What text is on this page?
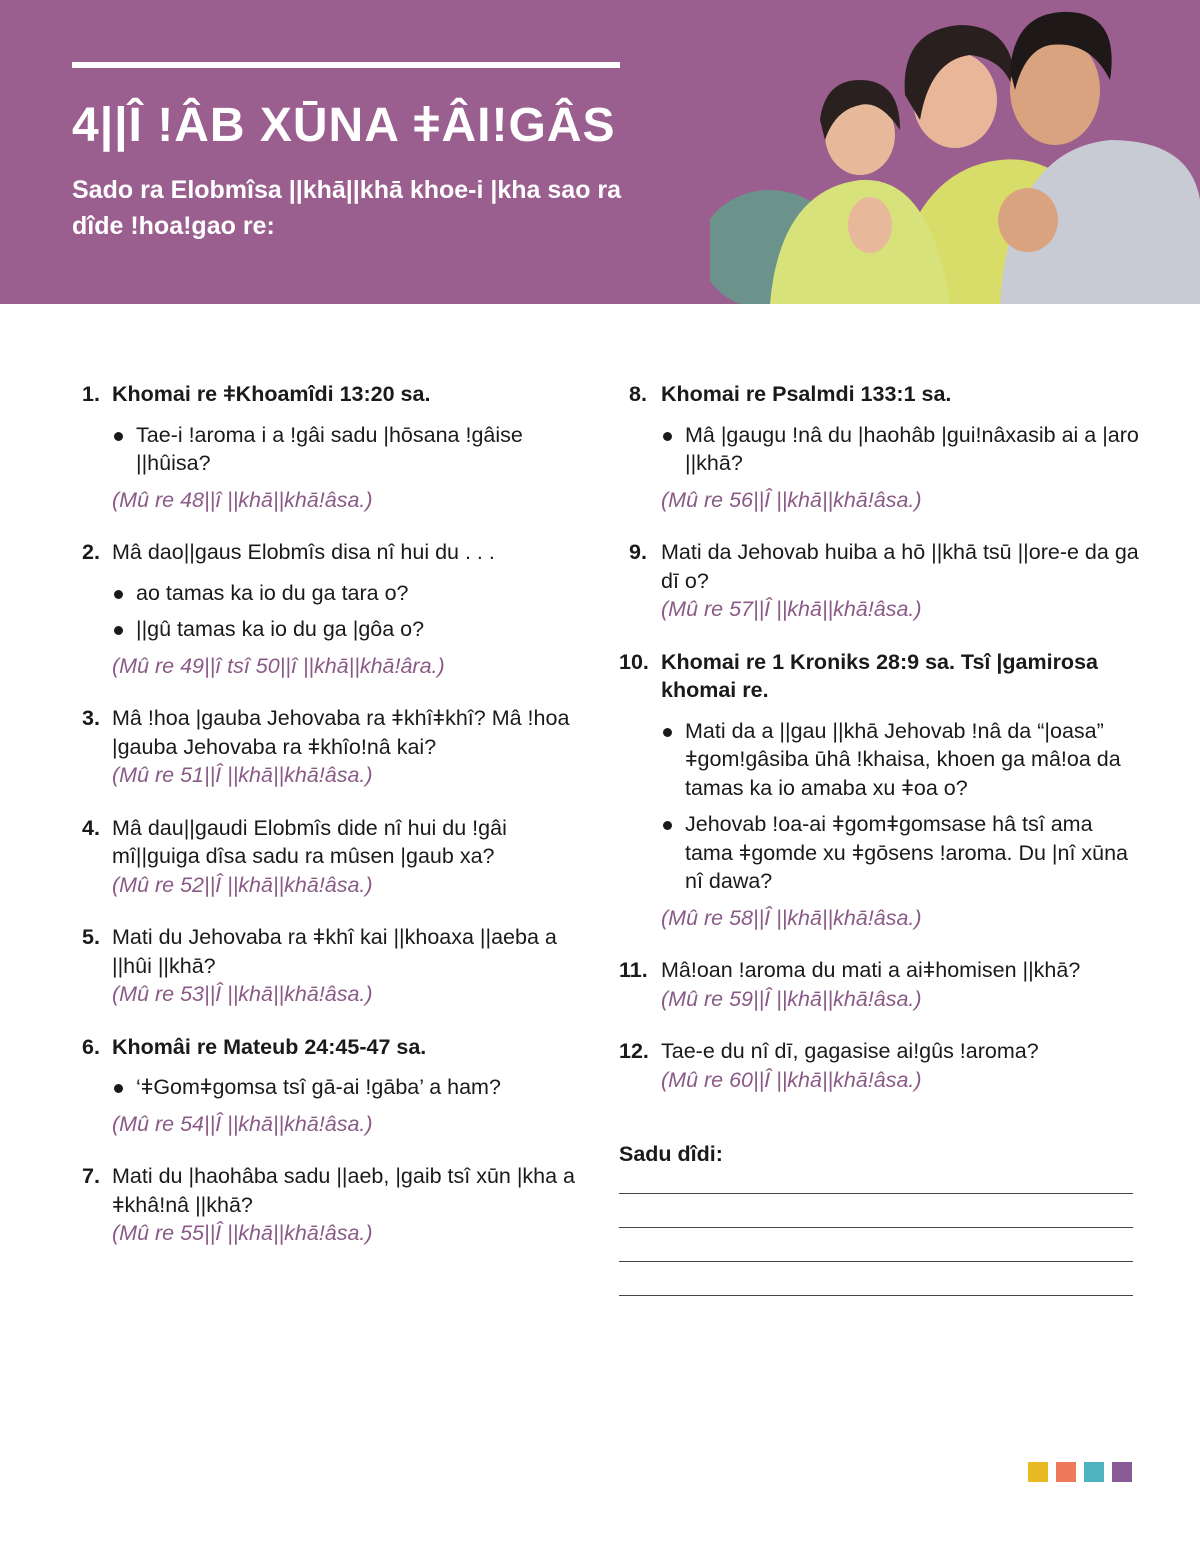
4||Î !ÂB XŪNA ǂÂI!GÂS
Sado ra Elobmîsa ||khā||khā khoe-i |kha sao ra dîde !hoa!gao re:
1. Khomai re ǂKhoamîdi 13:20 sa.
Tae-i !aroma i a !gâi sadu |hōsana !gâise ||hûisa?
(Mû re 48||î ||khā||khā!âsa.)
2. Mâ dao||gaus Elobmîs disa nî hui du . . .
ao tamas ka io du ga tara o?
||gû tamas ka io du ga |gôa o?
(Mû re 49||î tsî 50||î ||khā||khā!âra.)
3. Mâ !hoa |gauba Jehovaba ra ǂkhîǂkhî? Mâ !hoa |gauba Jehovaba ra ǂkhîo!nâ kai?
(Mû re 51||Î ||khā||khā!âsa.)
4. Mâ dau||gaudi Elobmîs dide nî hui du !gâi mî||guiga dîsa sadu ra mûsen |gaub xa?
(Mû re 52||Î ||khā||khā!âsa.)
5. Mati du Jehovaba ra ǂkhî kai ||khoaxa ||aeba a ||hûi ||khā?
(Mû re 53||Î ||khā||khā!âsa.)
6. Khomâi re Mateub 24:45-47 sa.
‘ǂGomǂgomsa tsî gā-ai !gāba’ a ham?
(Mû re 54||Î ||khā||khā!âsa.)
7. Mati du |haohâba sadu ||aeb, |gaib tsî xūn |kha a ǂkhâ!nâ ||khā?
(Mû re 55||Î ||khā||khā!âsa.)
8. Khomai re Psalmdi 133:1 sa.
Mâ |gaugu !nâ du |haohâb |gui!nâxasib ai a |aro ||khā?
(Mû re 56||Î ||khā||khā!âsa.)
9. Mati da Jehovab huiba a hō ||khā tsū ||ore-e da ga dī o?
(Mû re 57||Î ||khā||khā!âsa.)
10. Khomai re 1 Kroniks 28:9 sa. Tsî |gamirosa khomai re.
Mati da a ||gau ||khā Jehovab !nâ da “|oasa” ǂgom!gâsiba ūhâ !khaisa, khoen ga mâ!oa da tamas ka io amaba xu ǂoa o?
Jehovab !oa-ai ǂgomǂgomsase hâ tsî ama tama ǂgomde xu ǂgōsens !aroma. Du |nî xūna nî dawa?
(Mû re 58||Î ||khā||khā!âsa.)
11. Mâ!oan !aroma du mati a aiǂhomisen ||khā?
(Mû re 59||Î ||khā||khā!âsa.)
12. Tae-e du nî dī, gagasise ai!gûs !aroma?
(Mû re 60||Î ||khā||khā!âsa.)
Sadu dîdi:
